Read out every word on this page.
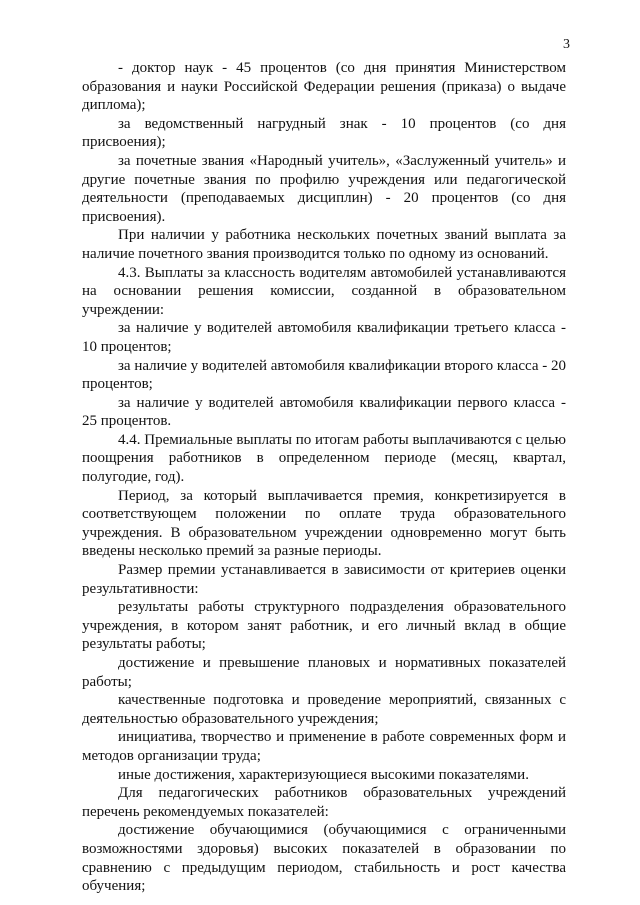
3

- доктор наук - 45 процентов (со дня принятия Министерством образования и науки Российской Федерации решения (приказа) о выдаче диплома);

за ведомственный нагрудный знак - 10 процентов (со дня присвоения);

за почетные звания «Народный учитель», «Заслуженный учитель» и другие почетные звания по профилю учреждения или педагогической деятельности (преподаваемых дисциплин) - 20 процентов (со дня присвоения).

При наличии у работника нескольких почетных званий выплата за наличие почетного звания производится только по одному из оснований.

4.3. Выплаты за классность водителям автомобилей устанавливаются на основании решения комиссии, созданной в образовательном учреждении:

за наличие у водителей автомобиля квалификации третьего класса - 10 процентов;

за наличие у водителей автомобиля квалификации второго класса - 20 процентов;

за наличие у водителей автомобиля квалификации первого класса - 25 процентов.

4.4. Премиальные выплаты по итогам работы выплачиваются с целью поощрения работников в определенном периоде (месяц, квартал, полугодие, год).

Период, за который выплачивается премия, конкретизируется в соответствующем положении по оплате труда образовательного учреждения. В образовательном учреждении одновременно могут быть введены несколько премий за разные периоды.

Размер премии устанавливается в зависимости от критериев оценки результативности:

результаты работы структурного подразделения образовательного учреждения, в котором занят работник, и его личный вклад в общие результаты работы;

достижение и превышение плановых и нормативных показателей работы;

качественные подготовка и проведение мероприятий, связанных с деятельностью образовательного учреждения;

инициатива, творчество и применение в работе современных форм и методов организации труда;

иные достижения, характеризующиеся высокими показателями.

Для педагогических работников образовательных учреждений перечень рекомендуемых показателей:

достижение обучающимися (обучающимися с ограниченными возможностями здоровья) высоких показателей в образовании по сравнению с предыдущим периодом, стабильность и рост качества обучения;
